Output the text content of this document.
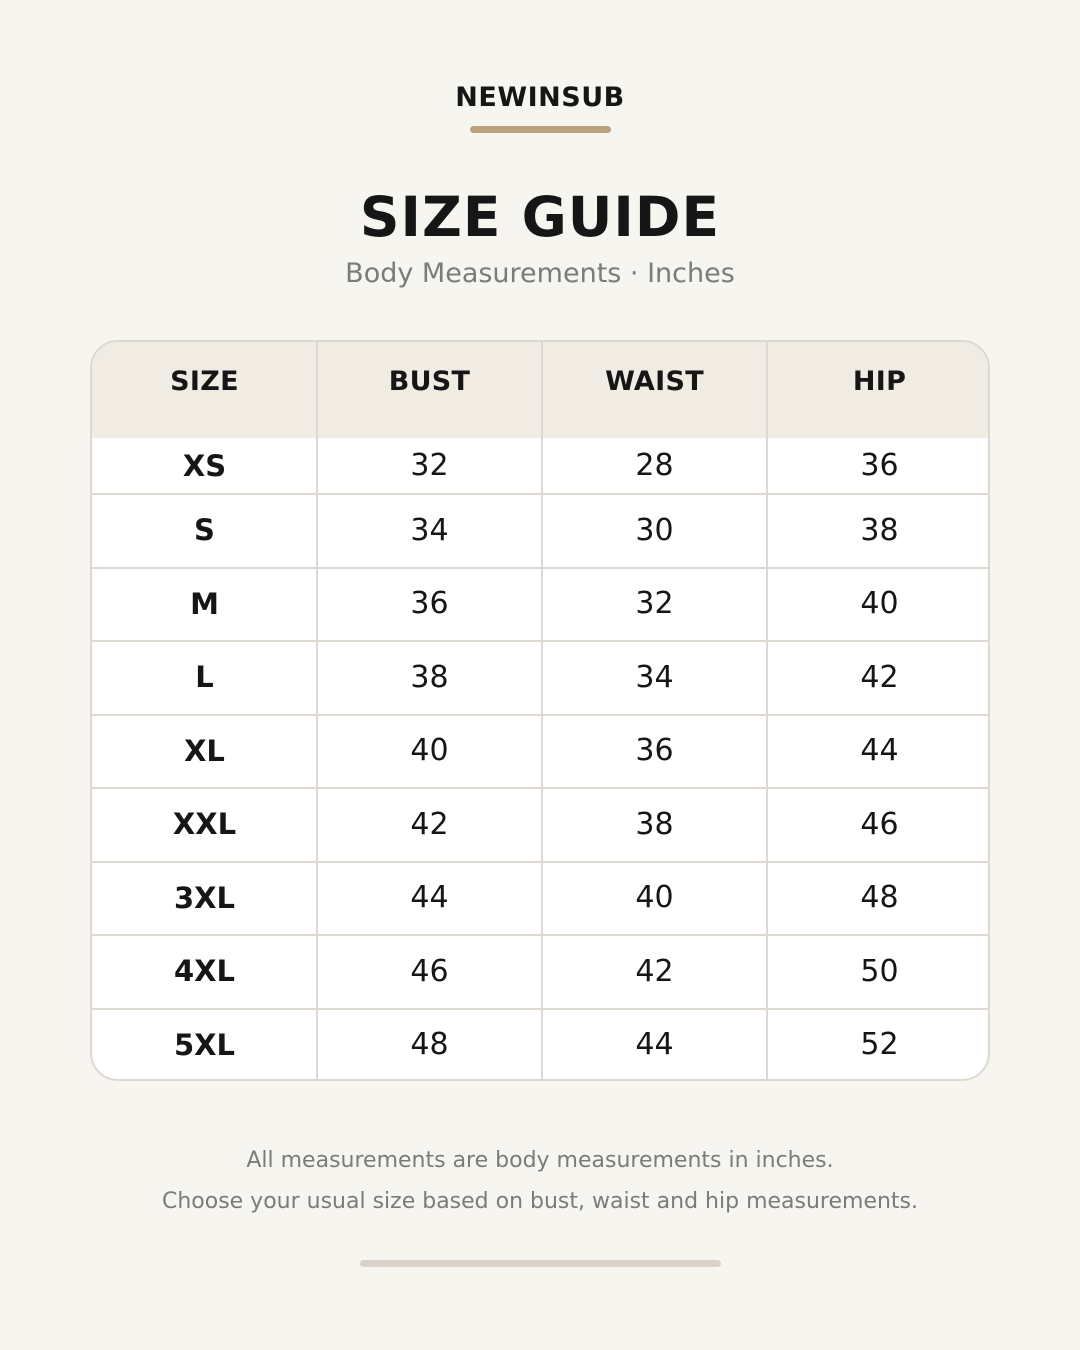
NEWINSUB
SIZE GUIDE
Body Measurements · Inches
SIZE	BUST	WAIST	HIP
XS	32	28	36
S	34	30	38
M	36	32	40
L	38	34	42
XL	40	36	44
XXL	42	38	46
3XL	44	40	48
4XL	46	42	50
5XL	48	44	52
All measurements are body measurements in inches.
Choose your usual size based on bust, waist and hip measurements.
